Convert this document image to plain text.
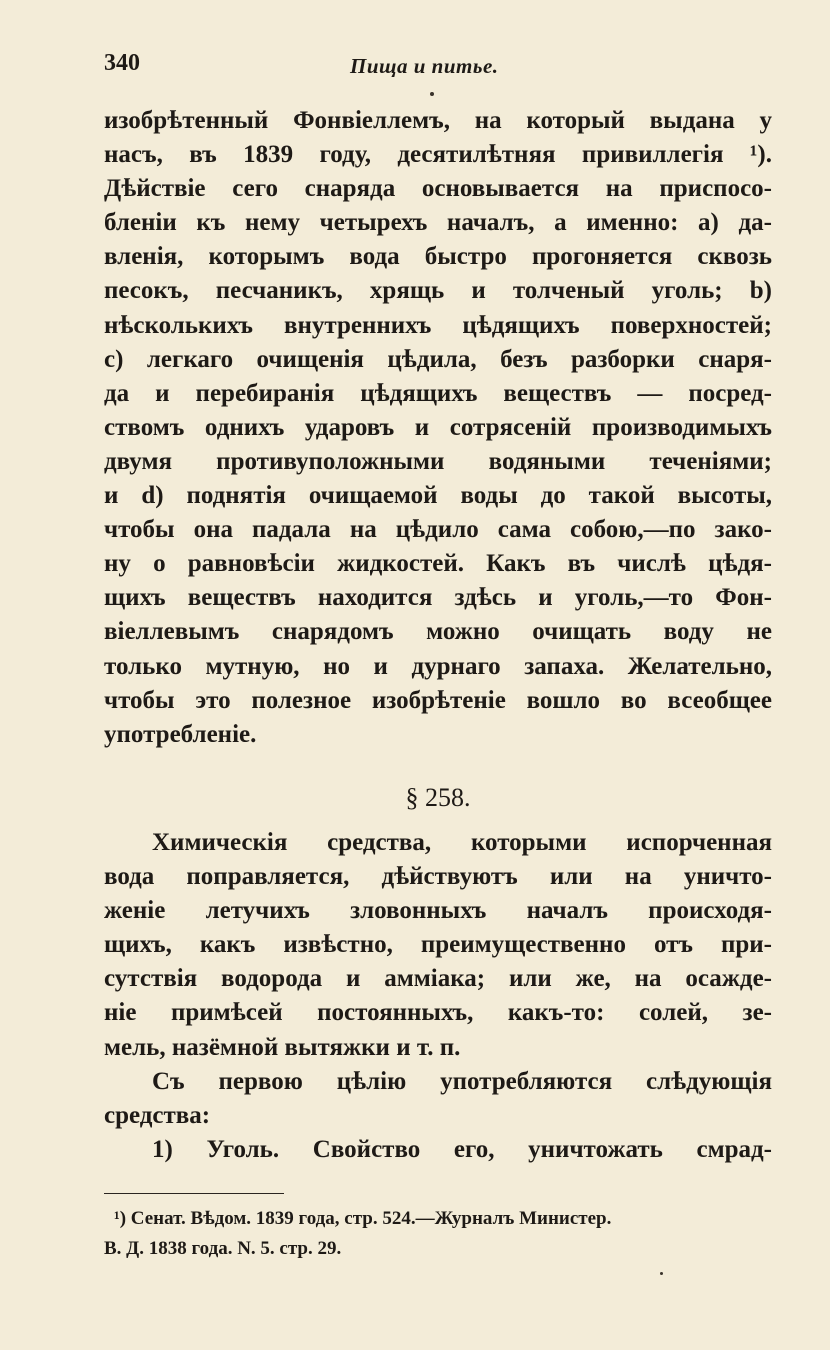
340	Пища и питье.
изобрѣтенный Фонвіеллемъ, на который выдана у
насъ, въ 1839 году, десятилѣтняя привиллегія ¹).
Дѣйствіе сего снаряда основывается на приспосо-
бленіи къ нему четырехъ началъ, а именно: а) да-
вленія, которымъ вода быстро прогоняется сквозь
песокъ, песчаникъ, хрящь и толченый уголь; b)
нѣсколькихъ внутреннихъ цѣдящихъ поверхностей;
с) легкаго очищенія цѣдила, безъ разборки снаря-
да и перебиранія цѣдящихъ веществъ — посред-
ствомъ однихъ ударовъ и сотрясеній производимыхъ
двумя противуположными водяными теченіями;
и d) поднятія очищаемой воды до такой высоты,
чтобы она падала на цѣдило сама собою,—по зако-
ну о равновѣсіи жидкостей. Какъ въ числѣ цѣдя-
щихъ веществъ находится здѣсь и уголь,—то Фон-
віеллевымъ снарядомъ можно очищать воду не
только мутную, но и дурнаго запаха. Желательно,
чтобы это полезное изобрѣтеніе вошло во всеобщее
употребленіе.
§ 258.
Химическія средства, которыми испорченная
вода поправляется, дѣйствуютъ или на уничто-
женіе летучихъ зловонныхъ началъ происходя-
щихъ, какъ извѣстно, преимущественно отъ при-
сутствія водорода и аммiака; или же, на осажде-
ніе примѣсей постоянныхъ, какъ-то: солей, зе-
мель, назёмной вытяжки и т. п.
Съ первою цѣлію употребляются слѣдующія
средства:
1) Уголь. Свойство его, уничтожать смрад-
¹) Сенат. Вѣдом. 1839 года, стр. 524.—Журналъ Министер.
В. Д. 1838 года. N. 5. стр. 29.
